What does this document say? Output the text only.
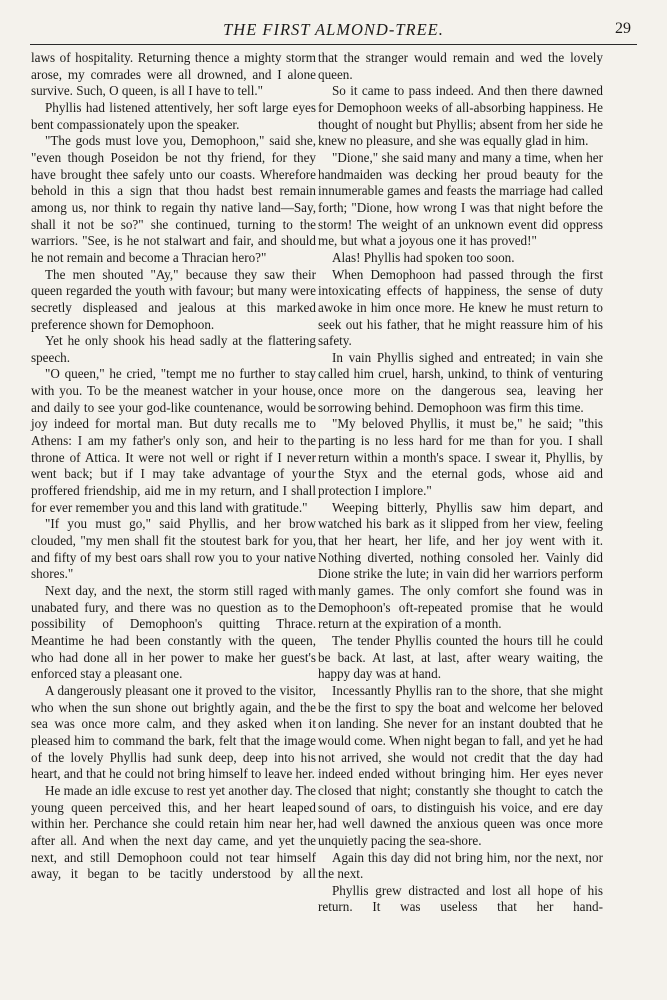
THE FIRST ALMOND-TREE.	29

laws of hospitality. Returning thence a mighty storm arose, my comrades were all drowned, and I alone survive. Such, O queen, is all I have to tell."

Phyllis had listened attentively, her soft large eyes bent compassionately upon the speaker.

"The gods must love you, Demophoon," said she, "even though Poseidon be not thy friend, for they have brought thee safely unto our coasts. Wherefore behold in this a sign that thou hadst best remain among us, nor think to regain thy native land—Say, shall it not be so?" she continued, turning to the warriors. "See, is he not stalwart and fair, and should he not remain and become a Thracian hero?"

The men shouted "Ay," because they saw their queen regarded the youth with favour; but many were secretly displeased and jealous at this marked preference shown for Demophoon.

Yet he only shook his head sadly at the flattering speech.

"O queen," he cried, "tempt me no further to stay with you. To be the meanest watcher in your house, and daily to see your god-like countenance, would be joy indeed for mortal man. But duty recalls me to Athens: I am my father's only son, and heir to the throne of Attica. It were not well or right if I never went back; but if I may take advantage of your proffered friendship, aid me in my return, and I shall for ever remember you and this land with gratitude."

"If you must go," said Phyllis, and her brow clouded, "my men shall fit the stoutest bark for you, and fifty of my best oars shall row you to your native shores."

Next day, and the next, the storm still raged with unabated fury, and there was no question as to the possibility of Demophoon's quitting Thrace. Meantime he had been constantly with the queen, who had done all in her power to make her guest's enforced stay a pleasant one.

A dangerously pleasant one it proved to the visitor, who when the sun shone out brightly again, and the sea was once more calm, and they asked when it pleased him to command the bark, felt that the image of the lovely Phyllis had sunk deep, deep into his heart, and that he could not bring himself to leave her.

He made an idle excuse to rest yet another day. The young queen perceived this, and her heart leaped within her. Perchance she could retain him near her, after all. And when the next day came, and yet the next, and still Demophoon could not tear himself away, it began to be tacitly understood by all

that the stranger would remain and wed the lovely queen.

So it came to pass indeed. And then there dawned for Demophoon weeks of all-absorbing happiness. He thought of nought but Phyllis; absent from her side he knew no pleasure, and she was equally glad in him.

"Dione," she said many and many a time, when her handmaiden was decking her proud beauty for the innumerable games and feasts the marriage had called forth; "Dione, how wrong I was that night before the storm! The weight of an unknown event did oppress me, but what a joyous one it has proved!"

Alas! Phyllis had spoken too soon.

When Demophoon had passed through the first intoxicating effects of happiness, the sense of duty awoke in him once more. He knew he must return to seek out his father, that he might reassure him of his safety.

In vain Phyllis sighed and entreated; in vain she called him cruel, harsh, unkind, to think of venturing once more on the dangerous sea, leaving her sorrowing behind. Demophoon was firm this time.

"My beloved Phyllis, it must be," he said; "this parting is no less hard for me than for you. I shall return within a month's space. I swear it, Phyllis, by the Styx and the eternal gods, whose aid and protection I implore."

Weeping bitterly, Phyllis saw him depart, and watched his bark as it slipped from her view, feeling that her heart, her life, and her joy went with it. Nothing diverted, nothing consoled her. Vainly did Dione strike the lute; in vain did her warriors perform manly games. The only comfort she found was in Demophoon's oft-repeated promise that he would return at the expiration of a month.

The tender Phyllis counted the hours till he could be back. At last, at last, after weary waiting, the happy day was at hand.

Incessantly Phyllis ran to the shore, that she might be the first to spy the boat and welcome her beloved on landing. She never for an instant doubted that he would come. When night began to fall, and yet he had not arrived, she would not credit that the day had indeed ended without bringing him. Her eyes never closed that night; constantly she thought to catch the sound of oars, to distinguish his voice, and ere day had well dawned the anxious queen was once more unquietly pacing the sea-shore.

Again this day did not bring him, nor the next, nor the next.

Phyllis grew distracted and lost all hope of his return. It was useless that her hand-
